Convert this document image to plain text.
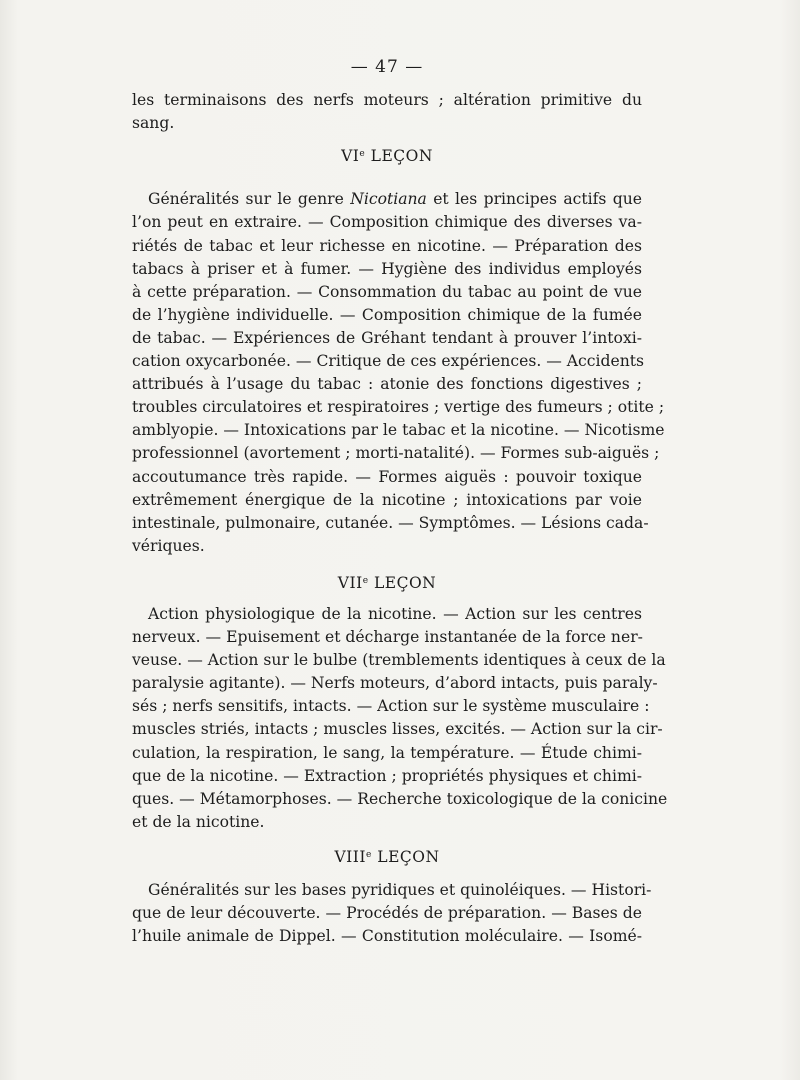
— 47 —
les terminaisons des nerfs moteurs ; altération primitive du
sang.
VIe LEÇON
Généralités sur le genre Nicotiana et les principes actifs que
l’on peut en extraire. — Composition chimique des diverses va-
riétés de tabac et leur richesse en nicotine. — Préparation des
tabacs à priser et à fumer. — Hygiène des individus employés
à cette préparation. — Consommation du tabac au point de vue
de l’hygiène individuelle. — Composition chimique de la fumée
de tabac. — Expériences de Gréhant tendant à prouver l’intoxi-
cation oxycarbonée. — Critique de ces expériences. — Accidents
attribués à l’usage du tabac : atonie des fonctions digestives ;
troubles circulatoires et respiratoires ; vertige des fumeurs ; otite ;
amblyopie. — Intoxications par le tabac et la nicotine. — Nicotisme
professionnel (avortement ; morti-natalité). — Formes sub-aiguës ;
accoutumance très rapide. — Formes aiguës : pouvoir toxique
extrêmement énergique de la nicotine ; intoxications par voie
intestinale, pulmonaire, cutanée. — Symptômes. — Lésions cada-
vériques.
VIIe LEÇON
Action physiologique de la nicotine. — Action sur les centres
nerveux. — Epuisement et décharge instantanée de la force ner-
veuse. — Action sur le bulbe (tremblements identiques à ceux de la
paralysie agitante). — Nerfs moteurs, d’abord intacts, puis paraly-
sés ; nerfs sensitifs, intacts. — Action sur le système musculaire :
muscles striés, intacts ; muscles lisses, excités. — Action sur la cir-
culation, la respiration, le sang, la température. — Étude chimi-
que de la nicotine. — Extraction ; propriétés physiques et chimi-
ques. — Métamorphoses. — Recherche toxicologique de la conicine
et de la nicotine.
VIIIe LEÇON
Généralités sur les bases pyridiques et quinoléiques. — Histori-
que de leur découverte. — Procédés de préparation. — Bases de
l’huile animale de Dippel. — Constitution moléculaire. — Isomé-
